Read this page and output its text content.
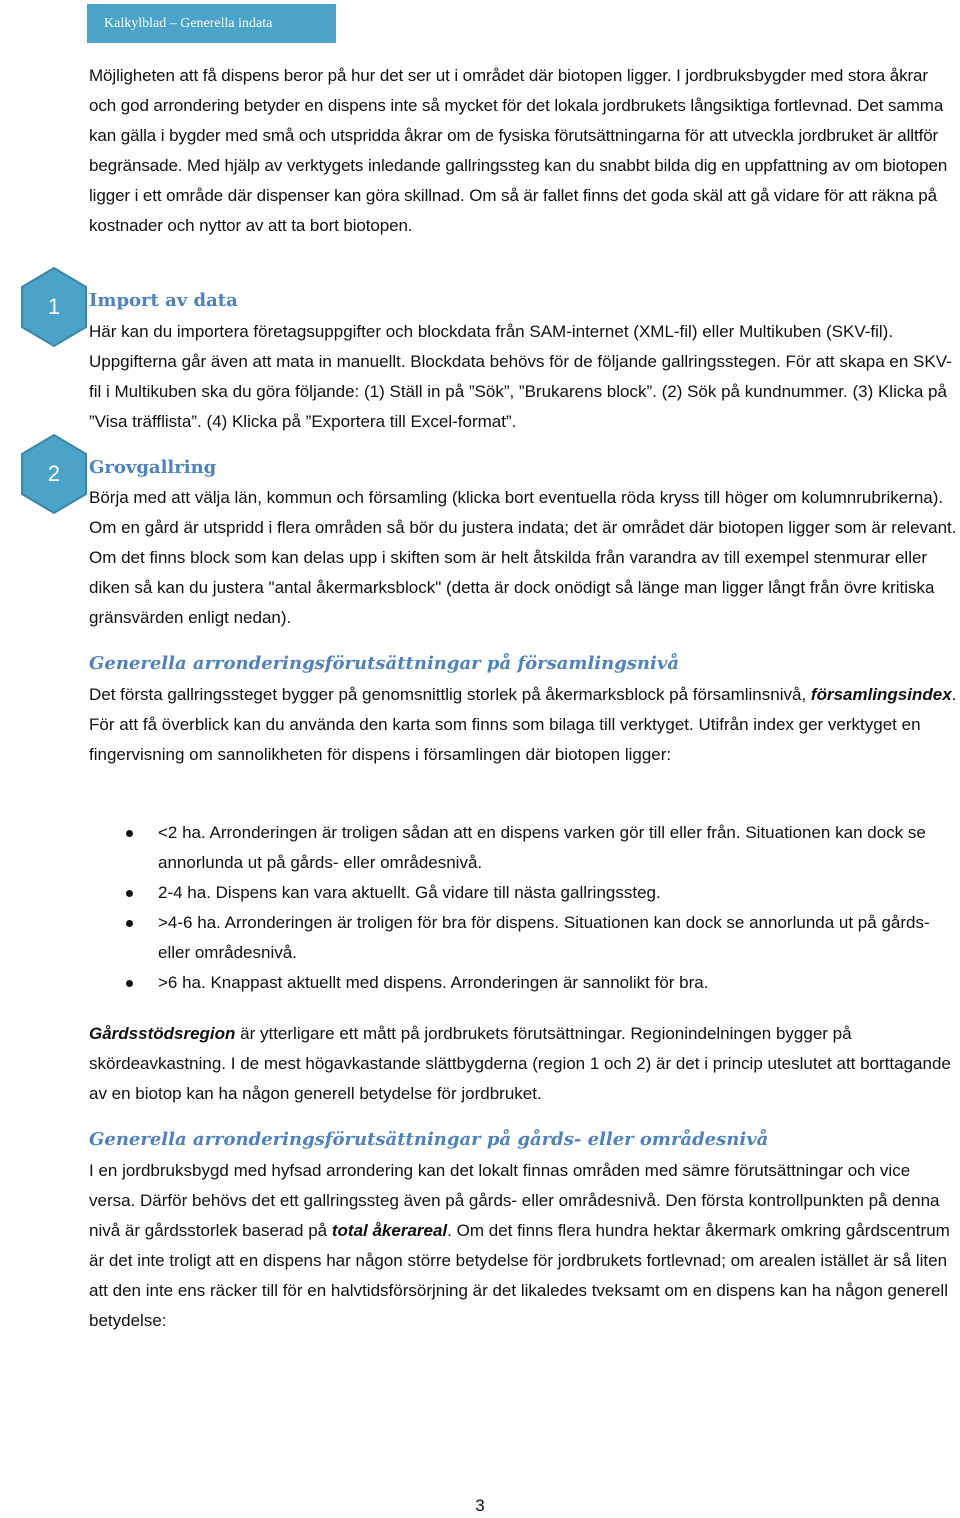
Kalkylblad – Generella indata

Möjligheten att få dispens beror på hur det ser ut i området där biotopen ligger. I jordbruksbygder med stora åkrar och god arrondering betyder en dispens inte så mycket för det lokala jordbrukets långsiktiga fortlevnad. Det samma kan gälla i bygder med små och utspridda åkrar om de fysiska förutsättningarna för att utveckla jordbruket är alltför begränsade. Med hjälp av verktygets inledande gallringssteg kan du snabbt bilda dig en uppfattning av om biotopen ligger i ett område där dispenser kan göra skillnad. Om så är fallet finns det goda skäl att gå vidare för att räkna på kostnader och nyttor av att ta bort biotopen.

1	Import av data

Här kan du importera företagsuppgifter och blockdata från SAM-internet (XML-fil) eller Multikuben (SKV-fil). Uppgifterna går även att mata in manuellt. Blockdata behövs för de följande gallringsstegen. För att skapa en SKV-fil i Multikuben ska du göra följande: (1) Ställ in på ”Sök”, ”Brukarens block”. (2) Sök på kundnummer. (3) Klicka på ”Visa träfflista”. (4) Klicka på ”Exportera till Excel-format”.

2	Grovgallring

Börja med att välja län, kommun och församling (klicka bort eventuella röda kryss till höger om kolumnrubrikerna). Om en gård är utspridd i flera områden så bör du justera indata; det är området där biotopen ligger som är relevant. Om det finns block som kan delas upp i skiften som är helt åtskilda från varandra av till exempel stenmurar eller diken så kan du justera "antal åkermarksblock" (detta är dock onödigt så länge man ligger långt från övre kritiska gränsvärden enligt nedan).

Generella arronderingsförutsättningar på församlingsnivå

Det första gallringssteget bygger på genomsnittlig storlek på åkermarksblock på församlinsnivå, församlingsindex. För att få överblick kan du använda den karta som finns som bilaga till verktyget. Utifrån index ger verktyget en fingervisning om sannolikheten för dispens i församlingen där biotopen ligger:

<2 ha. Arronderingen är troligen sådan att en dispens varken gör till eller från. Situationen kan dock se annorlunda ut på gårds- eller områdesnivå.
2-4 ha. Dispens kan vara aktuellt. Gå vidare till nästa gallringssteg.
>4-6 ha. Arronderingen är troligen för bra för dispens. Situationen kan dock se annorlunda ut på gårds- eller områdesnivå.
>6 ha. Knappast aktuellt med dispens. Arronderingen är sannolikt för bra.

Gårdsstödsregion är ytterligare ett mått på jordbrukets förutsättningar. Regionindelningen bygger på skördeavkastning. I de mest högavkastande slättbygderna (region 1 och 2) är det i princip uteslutet att borttagande av en biotop kan ha någon generell betydelse för jordbruket.

Generella arronderingsförutsättningar på gårds- eller områdesnivå

I en jordbruksbygd med hyfsad arrondering kan det lokalt finnas områden med sämre förutsättningar och vice versa. Därför behövs det ett gallringssteg även på gårds- eller områdesnivå. Den första kontrollpunkten på denna nivå är gårdsstorlek baserad på total åkerareal. Om det finns flera hundra hektar åkermark omkring gårdscentrum är det inte troligt att en dispens har någon större betydelse för jordbrukets fortlevnad; om arealen istället är så liten att den inte ens räcker till för en halvtidsförsörjning är det likaledes tveksamt om en dispens kan ha någon generell betydelse:

3
